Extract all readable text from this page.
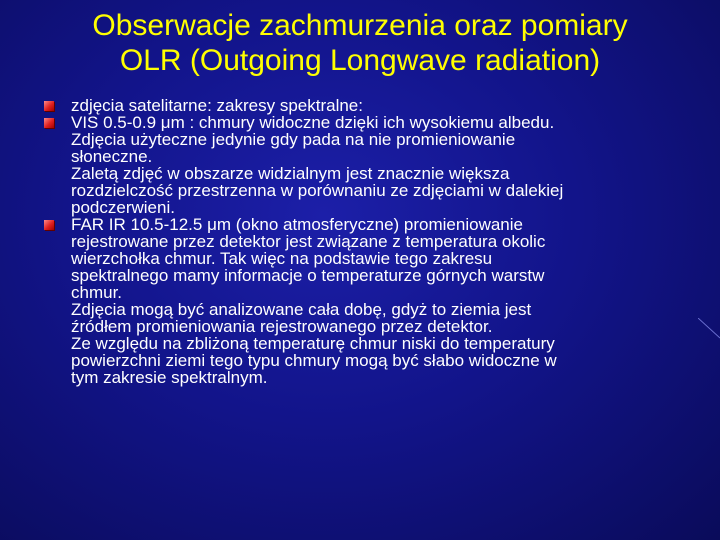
Obserwacje zachmurzenia oraz pomiary
OLR (Outgoing Longwave radiation)
zdjęcia satelitarne: zakresy spektralne:
VIS 0.5-0.9 μm : chmury widoczne dzięki ich wysokiemu albedu.
Zdjęcia użyteczne jedynie gdy pada na nie promieniowanie
słoneczne.
Zaletą zdjęć w obszarze widzialnym jest znacznie większa
rozdzielczość przestrzenna w porównaniu ze zdjęciami w dalekiej
podczerwieni.
FAR IR 10.5-12.5 μm (okno atmosferyczne) promieniowanie
rejestrowane przez detektor jest związane z temperatura okolic
wierzchołka chmur. Tak więc na podstawie tego zakresu
spektralnego mamy informacje o temperaturze górnych warstw
chmur.
Zdjęcia mogą być analizowane cała dobę, gdyż to ziemia jest
źródłem promieniowania rejestrowanego przez detektor.
Ze względu na zbliżoną temperaturę chmur niski do temperatury
powierzchni ziemi tego typu chmury mogą być słabo widoczne w
tym zakresie spektralnym.
